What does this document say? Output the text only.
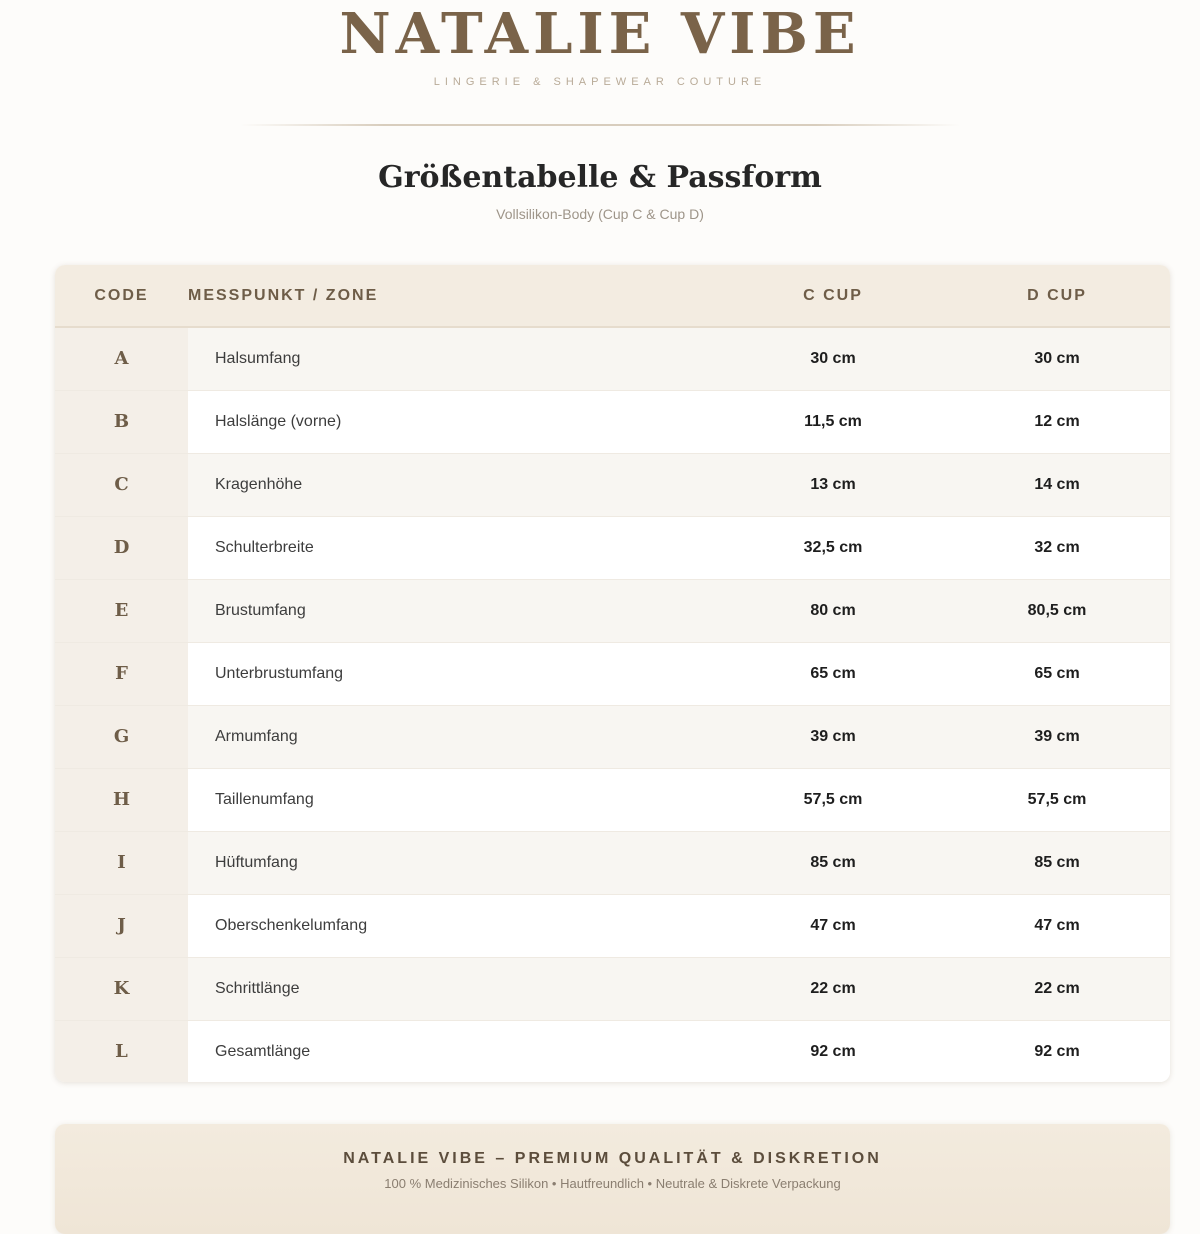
NATALIE VIBE
LINGERIE & SHAPEWEAR COUTURE
Größentabelle & Passform
Vollsilikon-Body (Cup C & Cup D)
CODE	MESSPUNKT / ZONE	C CUP	D CUP
A	Halsumfang	30 cm	30 cm
B	Halslänge (vorne)	11,5 cm	12 cm
C	Kragenhöhe	13 cm	14 cm
D	Schulterbreite	32,5 cm	32 cm
E	Brustumfang	80 cm	80,5 cm
F	Unterbrustumfang	65 cm	65 cm
G	Armumfang	39 cm	39 cm
H	Taillenumfang	57,5 cm	57,5 cm
I	Hüftumfang	85 cm	85 cm
J	Oberschenkelumfang	47 cm	47 cm
K	Schrittlänge	22 cm	22 cm
L	Gesamtlänge	92 cm	92 cm
NATALIE VIBE – PREMIUM QUALITÄT & DISKRETION
100 % Medizinisches Silikon • Hautfreundlich • Neutrale & Diskrete Verpackung
